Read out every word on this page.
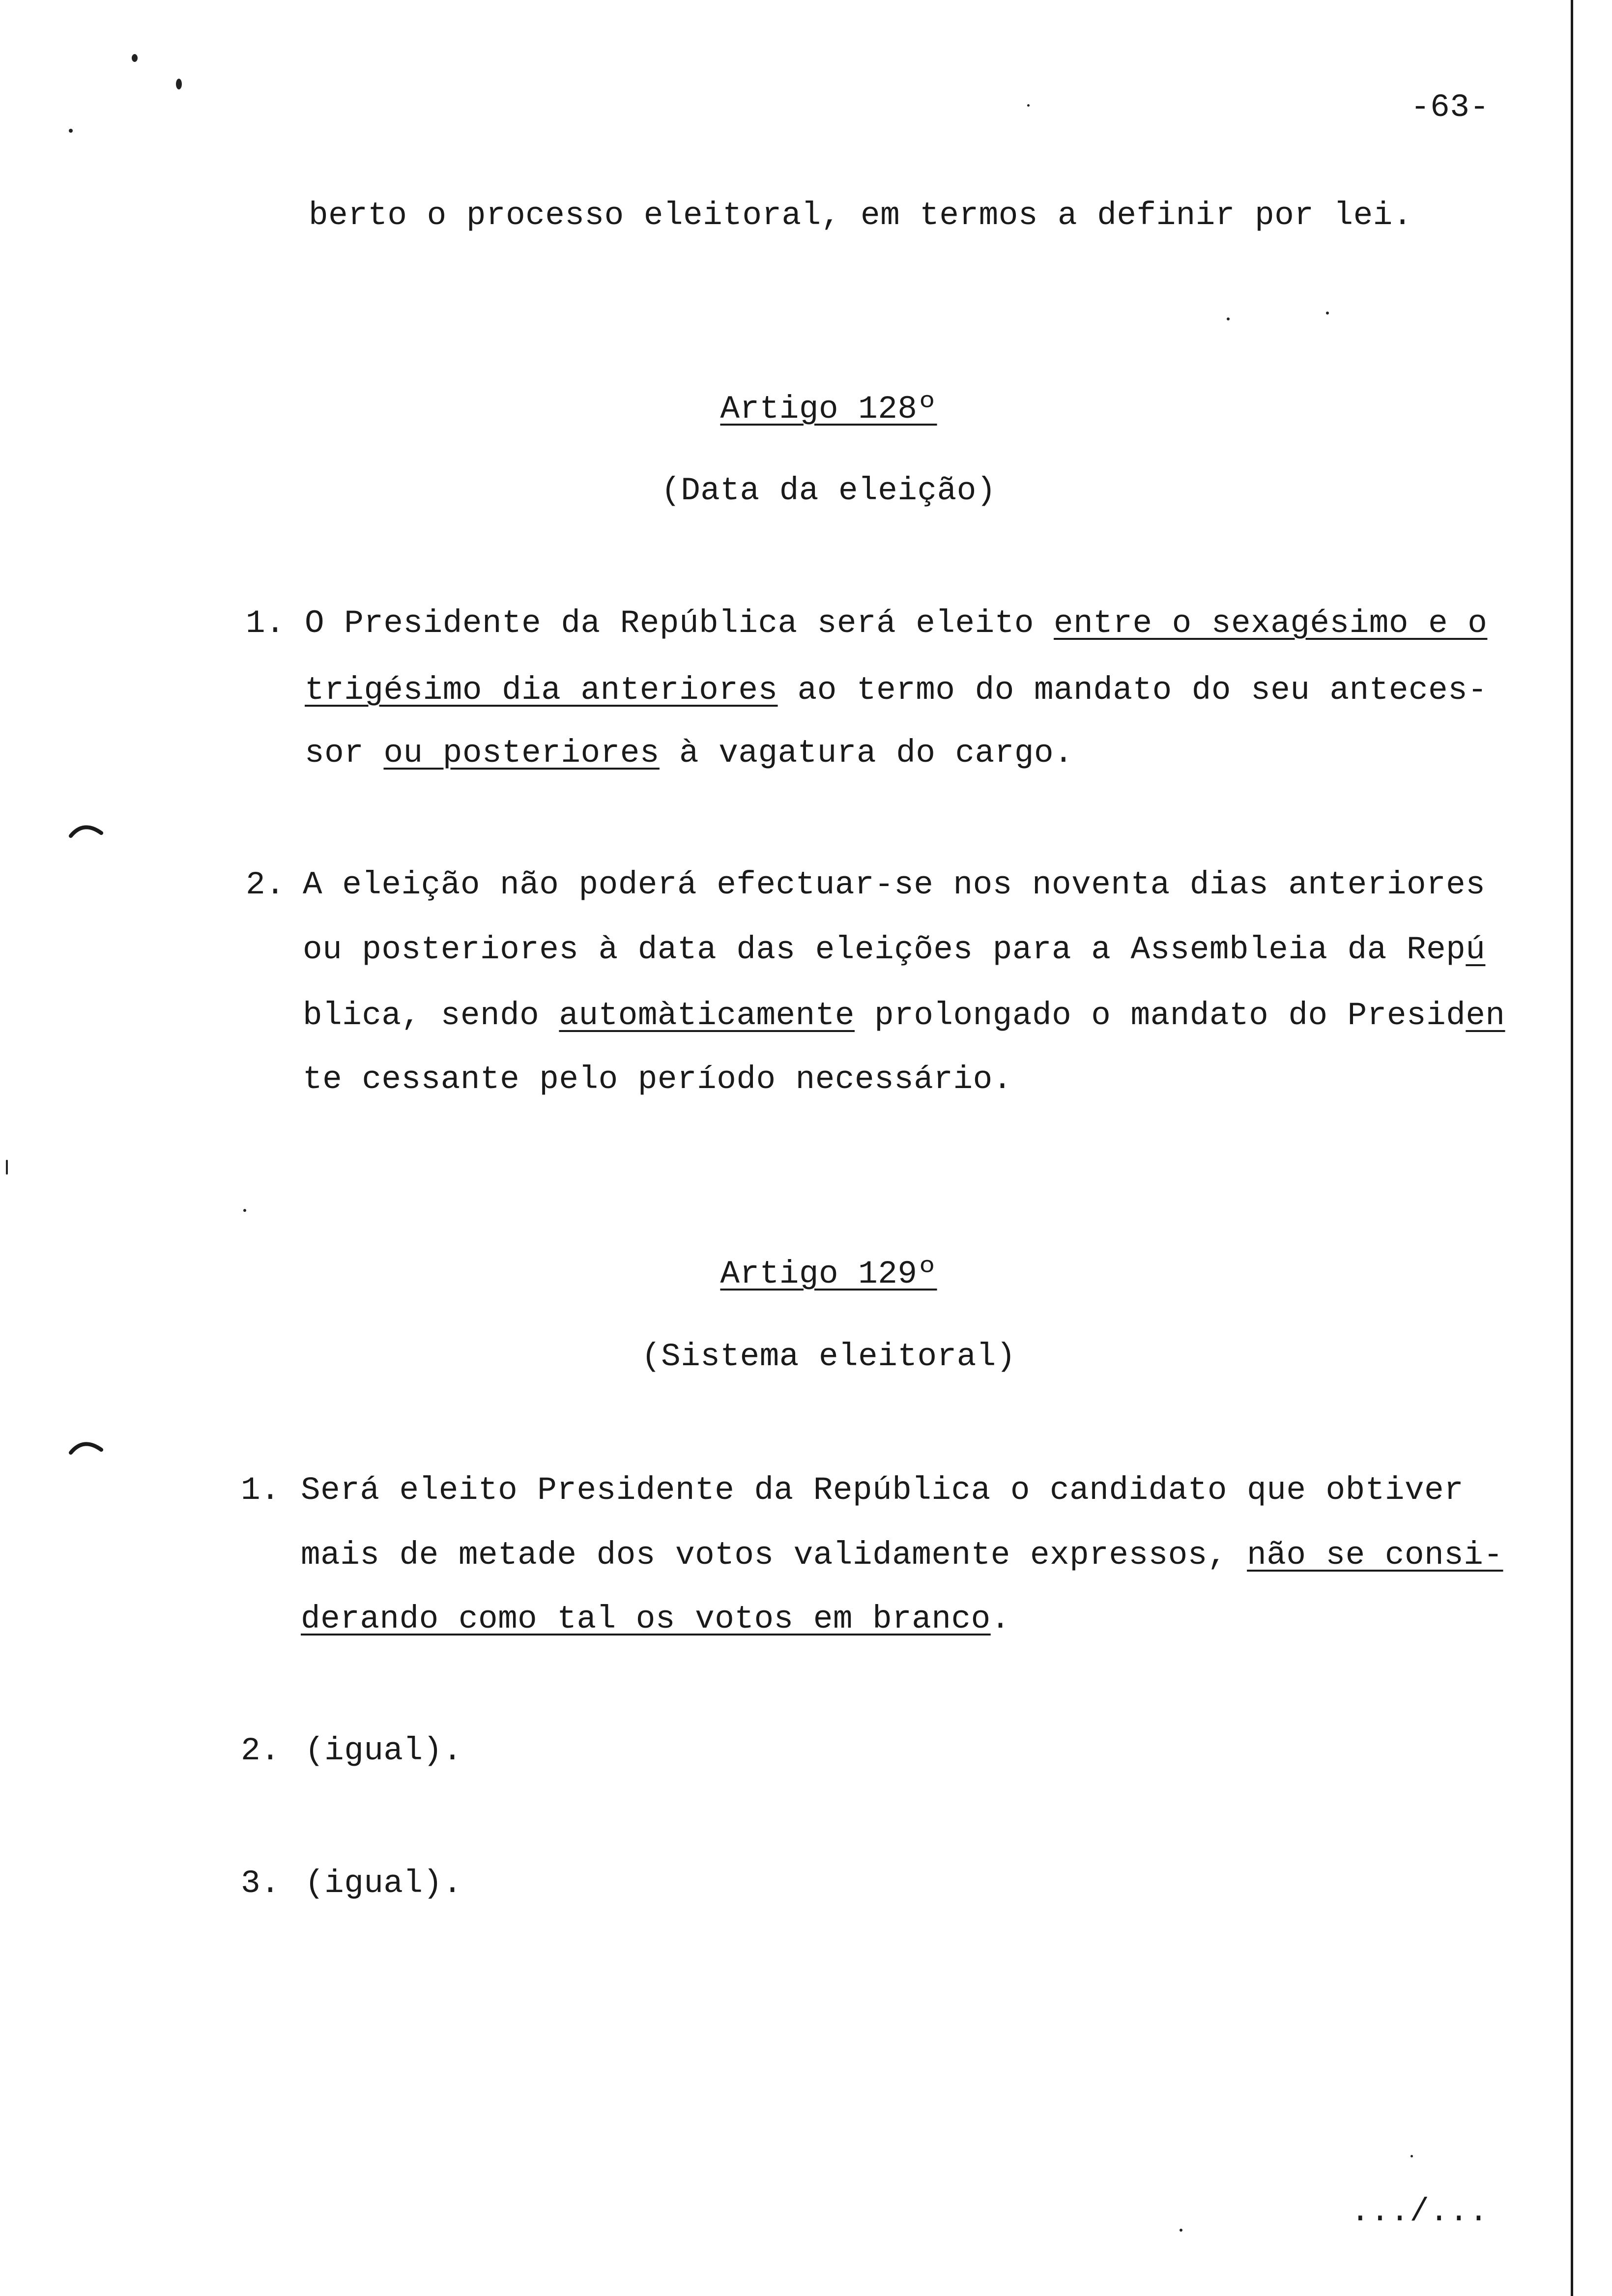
-63-
berto o processo eleitoral, em termos a definir por lei.
.../...
Artigo 128º
(Data da eleição)
1. O Presidente da República será eleito entre o sexagésimo e o
trigésimo dia anteriores ao termo do mandato do seu anteces-
sor ou posteriores à vagatura do cargo.
2. A eleição não poderá efectuar-se nos noventa dias anteriores
ou posteriores à data das eleições para a Assembleia da Repú
blica, sendo automàticamente prolongado o mandato do Presiden
te cessante pelo período necessário.
Artigo 129º
(Sistema eleitoral)
1. Será eleito Presidente da República o candidato que obtiver
mais de metade dos votos validamente expressos, não se consi-
derando como tal os votos em branco.
2. (igual).
3. (igual).
